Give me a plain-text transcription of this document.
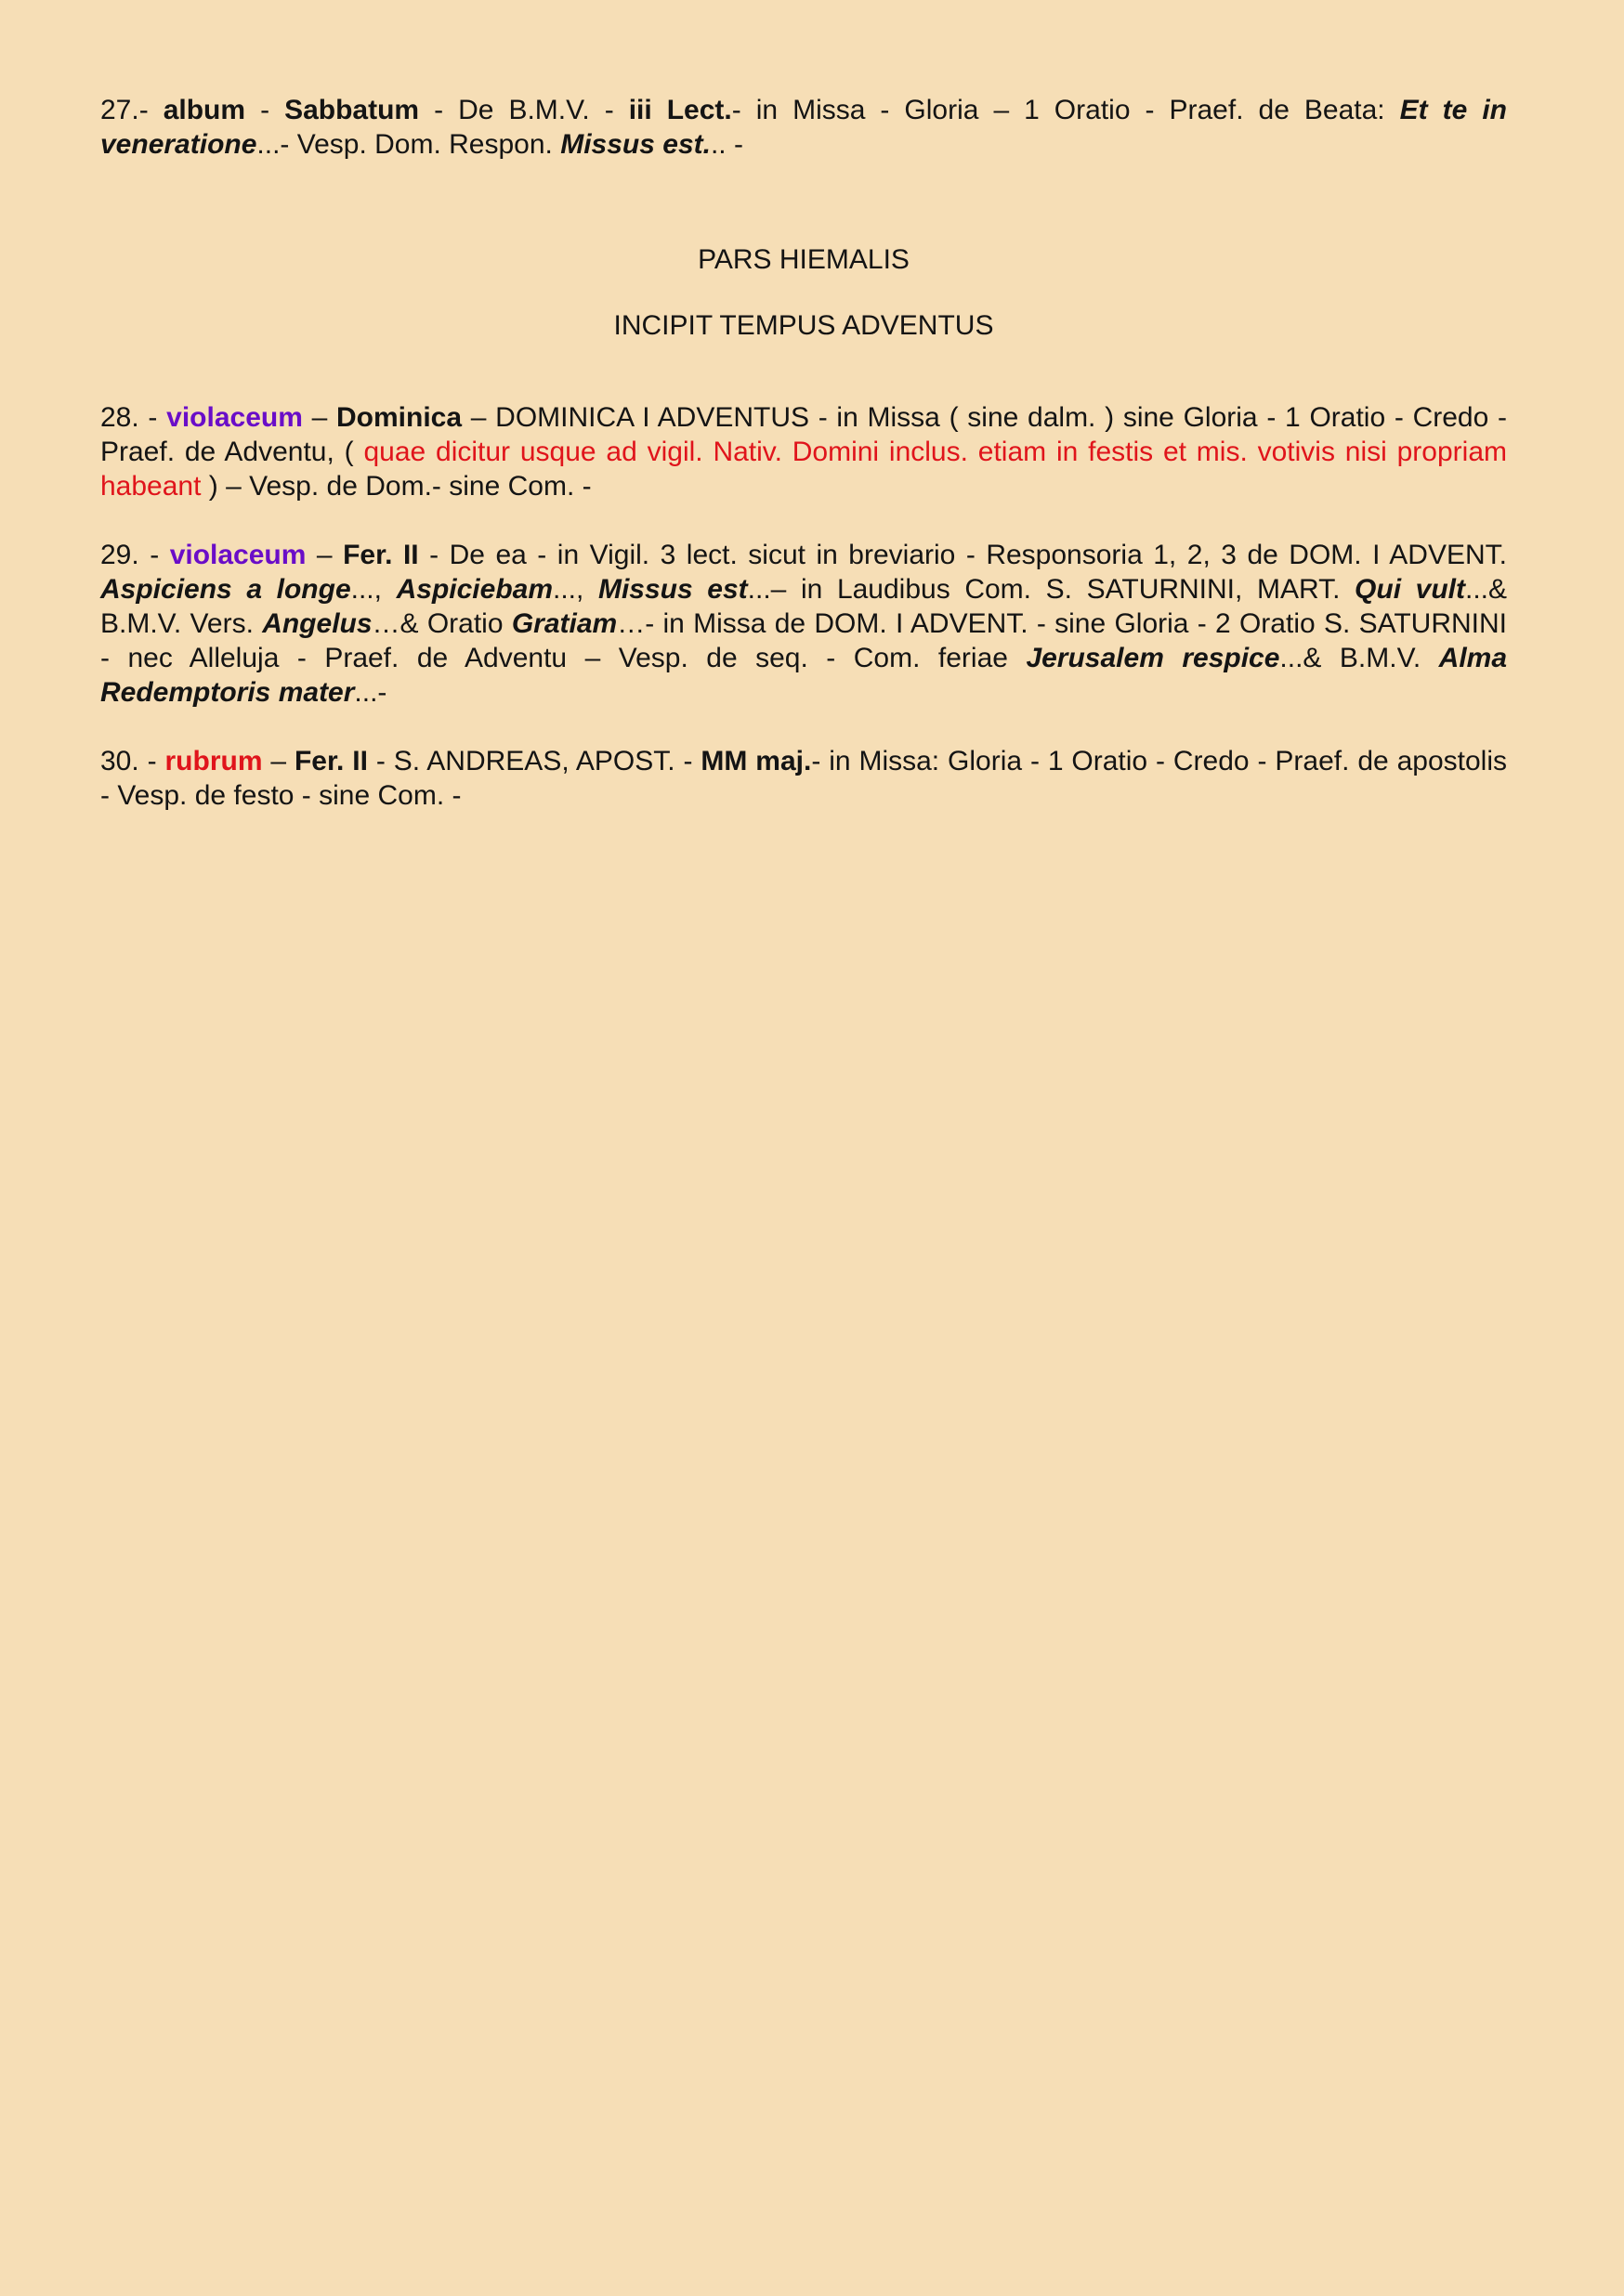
27.- album - Sabbatum - De B.M.V. - iii Lect.- in Missa - Gloria – 1 Oratio - Praef. de Beata: Et te in veneratione...- Vesp. Dom. Respon. Missus est... -

PARS HIEMALIS

INCIPIT TEMPUS ADVENTUS

28. - violaceum – Dominica – DOMINICA I ADVENTUS - in Missa ( sine dalm. ) sine Gloria - 1 Oratio - Credo - Praef. de Adventu, ( quae dicitur usque ad vigil. Nativ. Domini inclus. etiam in festis et mis. votivis nisi propriam habeant ) – Vesp. de Dom.- sine Com. -

29. - violaceum – Fer. II - De ea - in Vigil. 3 lect. sicut in breviario - Responsoria 1, 2, 3 de DOM. I ADVENT. Aspiciens a longe..., Aspiciebam..., Missus est...– in Laudibus Com. S. SATURNINI, MART. Qui vult...& B.M.V. Vers. Angelus…& Oratio Gratiam…- in Missa de DOM. I ADVENT. - sine Gloria - 2 Oratio S. SATURNINI - nec Alleluja - Praef. de Adventu – Vesp. de seq. - Com. feriae Jerusalem respice...& B.M.V. Alma Redemptoris mater...-

30. - rubrum – Fer. II - S. ANDREAS, APOST. - MM maj.- in Missa: Gloria - 1 Oratio - Credo - Praef. de apostolis - Vesp. de festo - sine Com. -
